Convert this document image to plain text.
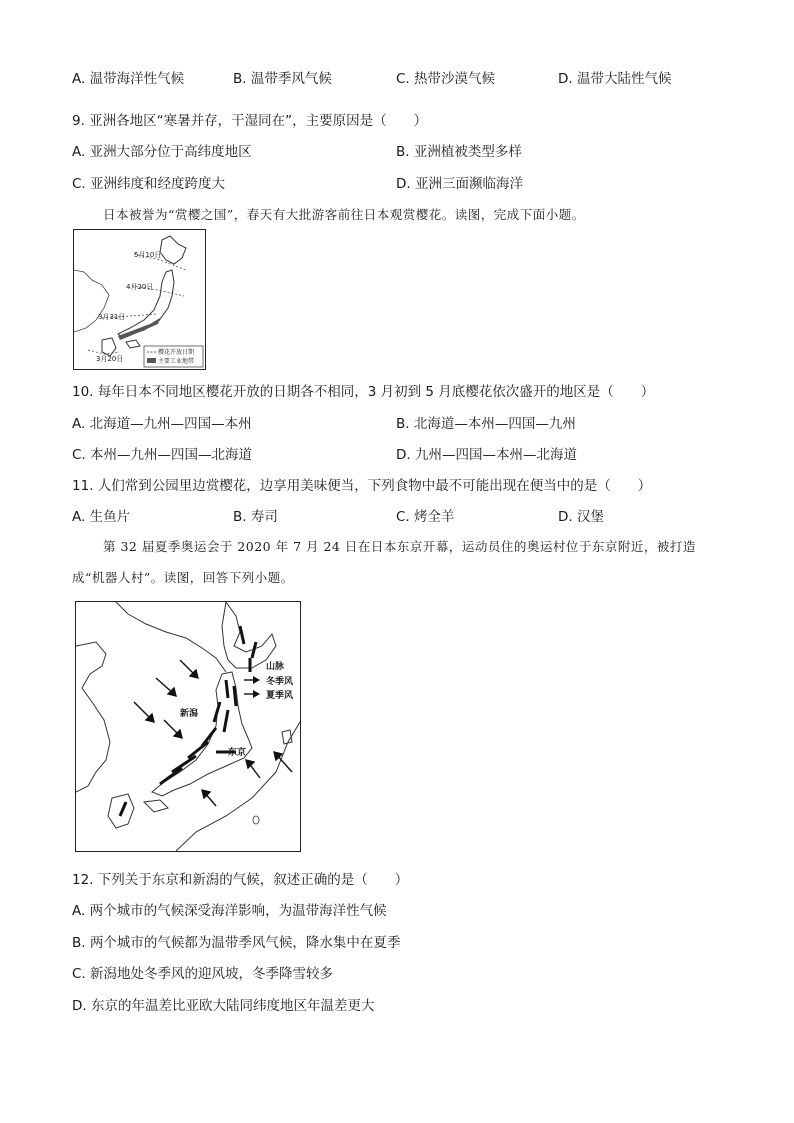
A. 温带海洋性气候	B. 温带季风气候	C. 热带沙漠气候	D. 温带大陆性气候
9. 亚洲各地区“寒暑并存，干湿同在”，主要原因是（　　）
A. 亚洲大部分位于高纬度地区	B. 亚洲植被类型多样
C. 亚洲纬度和经度跨度大	D. 亚洲三面濒临海洋
日本被誉为“赏樱之国”，春天有大批游客前往日本观赏樱花。读图，完成下面小题。
5月10日
4月20日
3月31日
3月20日
樱花开放日期
主要工业地带
10. 每年日本不同地区樱花开放的日期各不相同，3 月初到 5 月底樱花依次盛开的地区是（　　）
A. 北海道—九州—四国—本州	B. 北海道—本州—四国—九州
C. 本州—九州—四国—北海道	D. 九州—四国—本州—北海道
11. 人们常到公园里边赏樱花，边享用美味便当，下列食物中最不可能出现在便当中的是（　　）
A. 生鱼片	B. 寿司	C. 烤全羊	D. 汉堡
第 32 届夏季奥运会于 2020 年 7 月 24 日在日本东京开幕，运动员住的奥运村位于东京附近，被打造
成“机器人村”。读图，回答下列小题。
山脉
冬季风
夏季风
新潟
东京
12. 下列关于东京和新潟的气候，叙述正确的是（　　）
A. 两个城市的气候深受海洋影响，为温带海洋性气候
B. 两个城市的气候都为温带季风气候，降水集中在夏季
C. 新潟地处冬季风的迎风坡，冬季降雪较多
D. 东京的年温差比亚欧大陆同纬度地区年温差更大
